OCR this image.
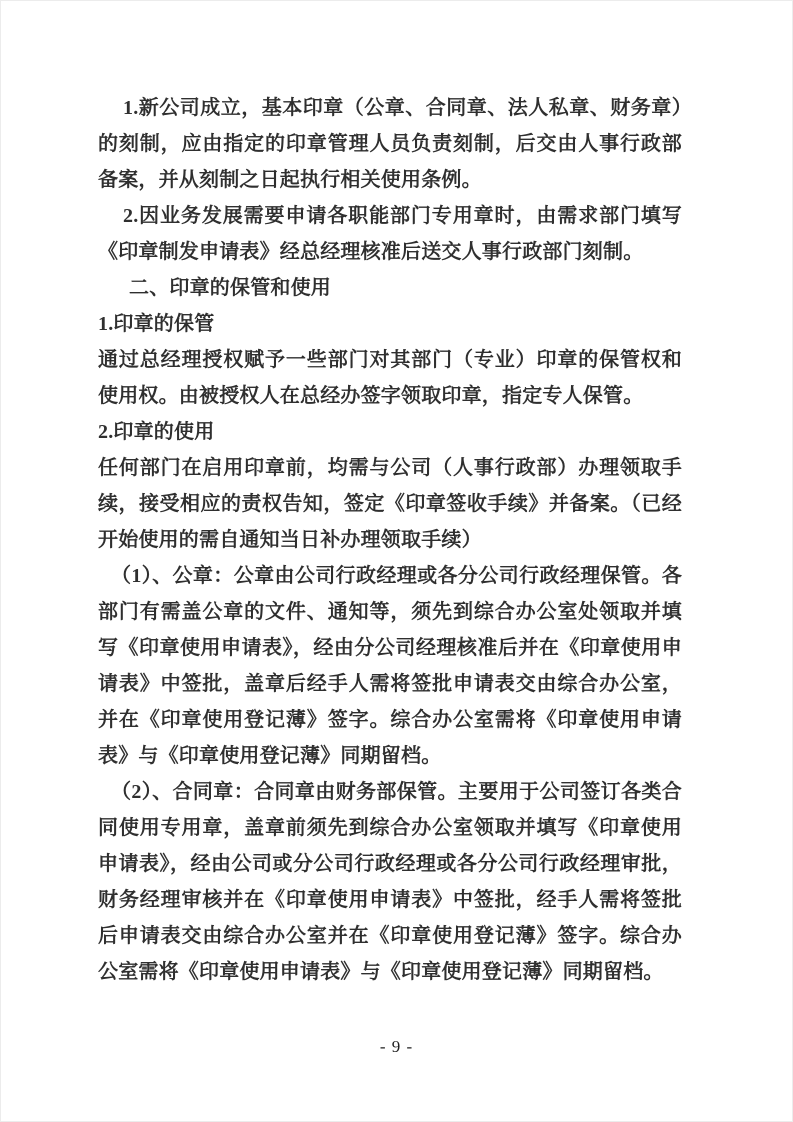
1.新公司成立，基本印章（公章、合同章、法人私章、财务章）的刻制，应由指定的印章管理人员负责刻制，后交由人事行政部备案，并从刻制之日起执行相关使用条例。

2.因业务发展需要申请各职能部门专用章时，由需求部门填写《印章制发申请表》经总经理核准后送交人事行政部门刻制。

二、印章的保管和使用

1.印章的保管

通过总经理授权赋予一些部门对其部门（专业）印章的保管权和使用权。由被授权人在总经办签字领取印章，指定专人保管。

2.印章的使用

任何部门在启用印章前，均需与公司（人事行政部）办理领取手续，接受相应的责权告知，签定《印章签收手续》并备案。（已经开始使用的需自通知当日补办理领取手续）

（1）、公章：公章由公司行政经理或各分公司行政经理保管。各部门有需盖公章的文件、通知等，须先到综合办公室处领取并填写《印章使用申请表》，经由分公司经理核准后并在《印章使用申请表》中签批，盖章后经手人需将签批申请表交由综合办公室，并在《印章使用登记薄》签字。综合办公室需将《印章使用申请表》与《印章使用登记薄》同期留档。

（2）、合同章：合同章由财务部保管。主要用于公司签订各类合同使用专用章，盖章前须先到综合办公室领取并填写《印章使用申请表》，经由公司或分公司行政经理或各分公司行政经理审批，财务经理审核并在《印章使用申请表》中签批，经手人需将签批后申请表交由综合办公室并在《印章使用登记薄》签字。综合办公室需将《印章使用申请表》与《印章使用登记薄》同期留档。

- 9 -
